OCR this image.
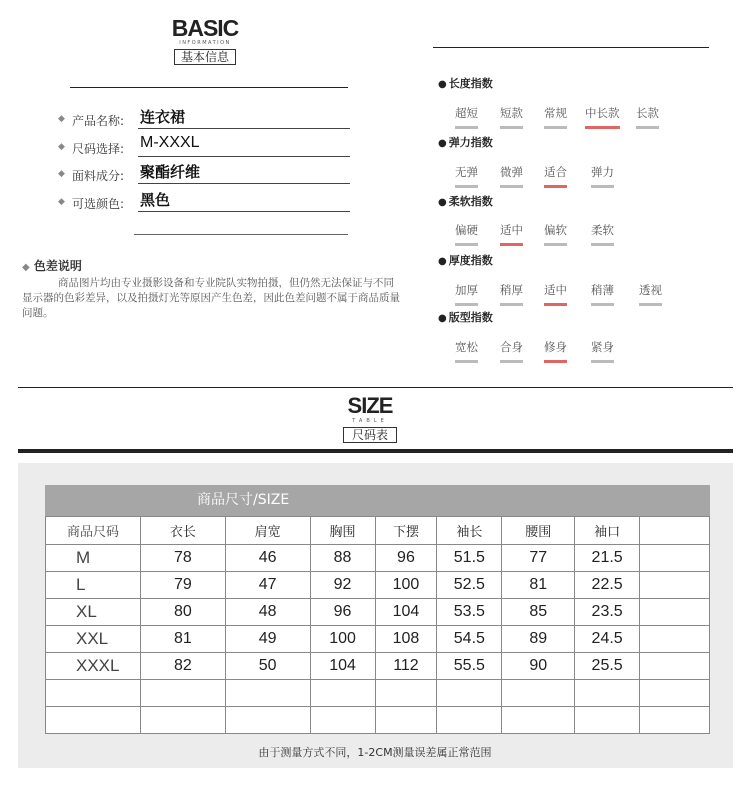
BASIC
INFORMATION
基本信息
◆ 产品名称: 连衣裙
◆ 尺码选择: M-XXXL
◆ 面料成分: 聚酯纤维
◆ 可选颜色: 黑色
◆ 色差说明
商品图片均由专业摄影设备和专业院队实物拍摄，但仍然无法保证与不同显示器的色彩差异，以及拍摄灯光等原因产生色差，因此色差问题不属于商品质量问题。
● 长度指数
超短 短款 常规 中长款 长款
● 弹力指数
无弹 微弹 适合 弹力
● 柔软指数
偏硬 适中 偏软 柔软
● 厚度指数
加厚 稍厚 适中 稍薄 透视
● 版型指数
宽松 合身 修身 紧身
SIZE
TABLE
尺码表
商品尺寸/SIZE
商品尺码	衣长	肩宽	胸围	下摆	袖长	腰围	袖口	
M	78	46	88	96	51.5	77	21.5	
L	79	47	92	100	52.5	81	22.5	
XL	80	48	96	104	53.5	85	23.5	
XXL	81	49	100	108	54.5	89	24.5	
XXXL	82	50	104	112	55.5	90	25.5	

由于测量方式不同，1-2CM测量误差属正常范围
